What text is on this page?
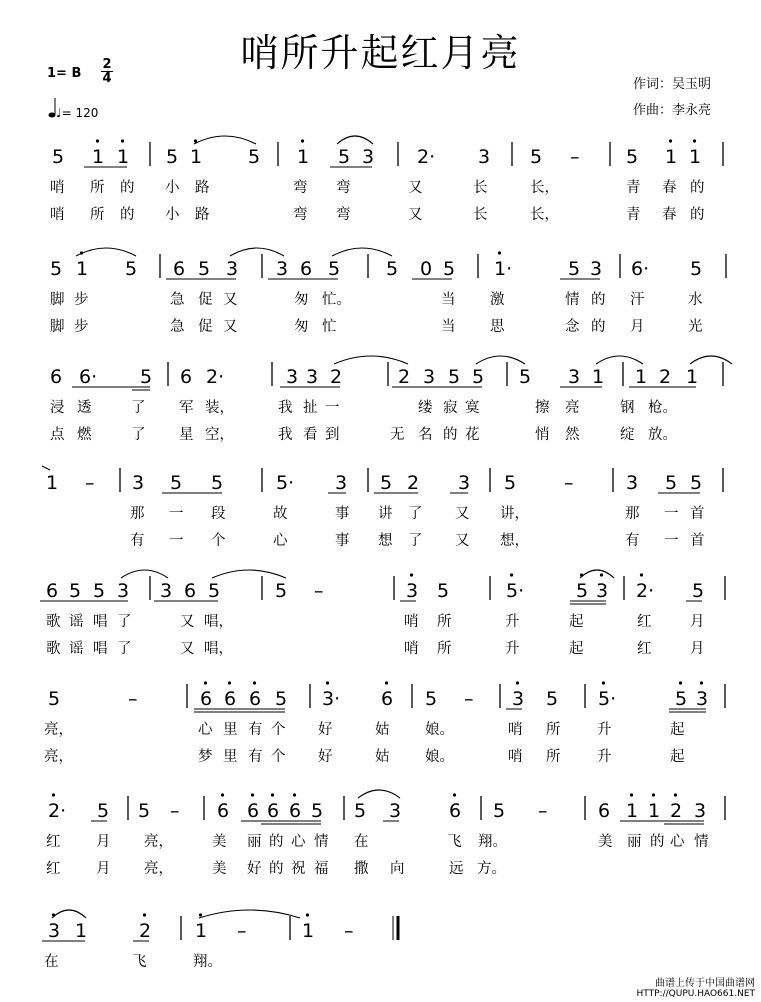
哨所升起红月亮
1= B
2
4
♩= 120
作词：吴玉明
作曲：李永亮
5 1 1 5 1 5 1 5 3 2· 3 5 – 5 1 1
哨 所 的 小 路	弯 弯	又	长	长，	青 春 的
哨 所 的 小 路	弯 弯	又	长	长，	青 春 的
5 1 5 6 5 3 3 6 5 5 0 5 1·	5 3 6· 5
脚 步	急 促 又	匆 忙。	当 激	情 的 汗	水
脚 步	急 促 又	匆 忙	当 思	念 的 月	光
6 6· 5 6 2·	3 3 2	2 3 5 5 5 3 1 1 2 1
浸 透	了 军 装，	我 扯 一	缕 寂 寞	擦 亮	钢 枪。
点 燃	了 星 空，	我 看 到	无 名 的 花	悄 然	绽 放。
1 – 3 5 5	5· 3 5 2 3 5	–	3 5 5
那 一 段	故	事 讲 了 又 讲，	那 一 首
有 一 个	心	事 想 了 又 想，	有 一 首
6 5 5 3 3 6 5	5 –	3 5	5·	5 3 2· 5
歌 谣 唱 了	又 唱，	哨 所	升	起	红	月
歌 谣 唱 了	又 唱，	哨 所	升	起	红	月
5	–	6 6 6 5 3· 6 5 – 3 5 5·	5 3
亮，	心 里 有 个 好	姑 娘。	哨 所	升	起
亮，	梦 里 有 个 好	姑 娘。	哨 所	升	起
2· 5 5 – 6 6 6 6 5 5 3	6 5 –	6 1 1 2 3
红 月 亮，	美 丽 的 心 情 在	飞 翔。	美 丽 的 心 情
红 月 亮，	美 好 的 祝 福 撒 向	远 方。
3 1	2 1 –	1 –
在	飞	翔。
曲谱上传于中国曲谱网
HTTP://QUPU.HAO661.NET
